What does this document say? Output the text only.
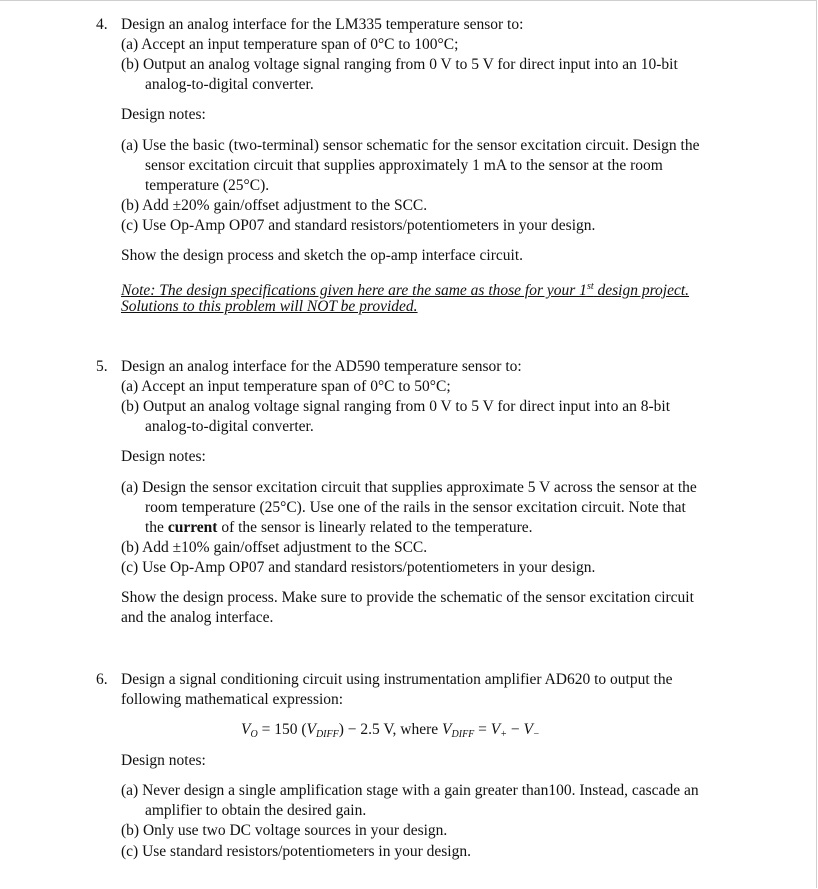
4. Design an analog interface for the LM335 temperature sensor to:
(a) Accept an input temperature span of 0°C to 100°C;
(b) Output an analog voltage signal ranging from 0 V to 5 V for direct input into an 10-bit
analog-to-digital converter.
Design notes:
(a) Use the basic (two-terminal) sensor schematic for the sensor excitation circuit. Design the
sensor excitation circuit that supplies approximately 1 mA to the sensor at the room
temperature (25°C).
(b) Add ±20% gain/offset adjustment to the SCC.
(c) Use Op-Amp OP07 and standard resistors/potentiometers in your design.
Show the design process and sketch the op-amp interface circuit.
Note: The design specifications given here are the same as those for your 1st design project.
Solutions to this problem will NOT be provided.
5. Design an analog interface for the AD590 temperature sensor to:
(a) Accept an input temperature span of 0°C to 50°C;
(b) Output an analog voltage signal ranging from 0 V to 5 V for direct input into an 8-bit
analog-to-digital converter.
Design notes:
(a) Design the sensor excitation circuit that supplies approximate 5 V across the sensor at the
room temperature (25°C). Use one of the rails in the sensor excitation circuit. Note that
the current of the sensor is linearly related to the temperature.
(b) Add ±10% gain/offset adjustment to the SCC.
(c) Use Op-Amp OP07 and standard resistors/potentiometers in your design.
Show the design process. Make sure to provide the schematic of the sensor excitation circuit
and the analog interface.
6. Design a signal conditioning circuit using instrumentation amplifier AD620 to output the
following mathematical expression:
$V_O = 150$ $(V_{DIFF}) - 2.5$ V, where $V_{DIFF} = V_+ - V_-$
Design notes:
(a) Never design a single amplification stage with a gain greater than100. Instead, cascade an
amplifier to obtain the desired gain.
(b) Only use two DC voltage sources in your design.
(c) Use standard resistors/potentiometers in your design.
